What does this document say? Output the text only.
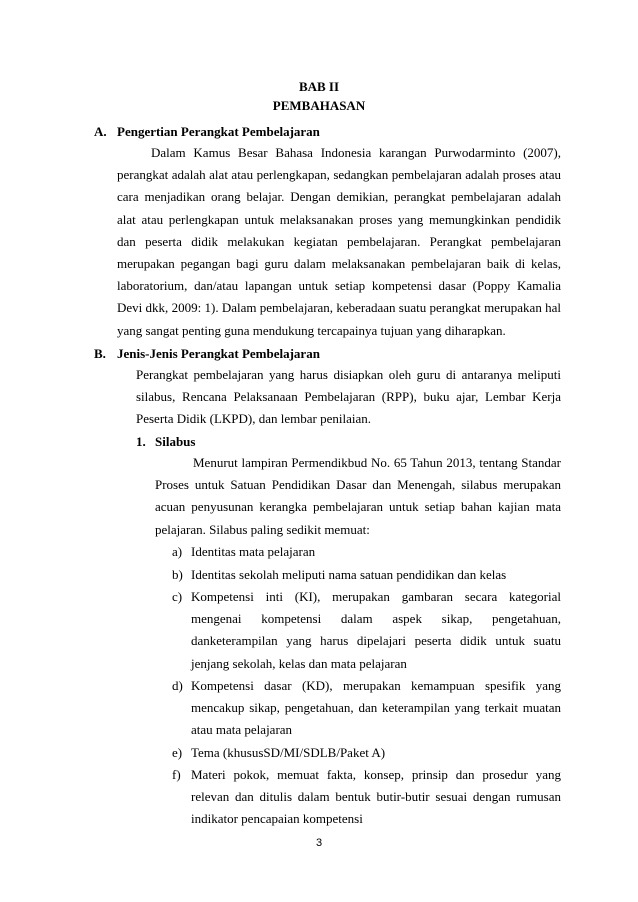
BAB II
PEMBAHASAN
A. Pengertian Perangkat Pembelajaran

Dalam Kamus Besar Bahasa Indonesia karangan Purwodarminto (2007), perangkat adalah alat atau perlengkapan, sedangkan pembelajaran adalah proses atau cara menjadikan orang belajar. Dengan demikian, perangkat pembelajaran adalah alat atau perlengkapan untuk melaksanakan proses yang memungkinkan pendidik dan peserta didik melakukan kegiatan pembelajaran. Perangkat pembelajaran merupakan pegangan bagi guru dalam melaksanakan pembelajaran baik di kelas, laboratorium, dan/atau lapangan untuk setiap kompetensi dasar (Poppy Kamalia Devi dkk, 2009: 1). Dalam pembelajaran, keberadaan suatu perangkat merupakan hal yang sangat penting guna mendukung tercapainya tujuan yang diharapkan.

B. Jenis-Jenis Perangkat Pembelajaran

Perangkat pembelajaran yang harus disiapkan oleh guru di antaranya meliputi silabus, Rencana Pelaksanaan Pembelajaran (RPP), buku ajar, Lembar Kerja Peserta Didik (LKPD), dan lembar penilaian.

1. Silabus

Menurut lampiran Permendikbud No. 65 Tahun 2013, tentang Standar Proses untuk Satuan Pendidikan Dasar dan Menengah, silabus merupakan acuan penyusunan kerangka pembelajaran untuk setiap bahan kajian mata pelajaran. Silabus paling sedikit memuat:

a) Identitas mata pelajaran

b) Identitas sekolah meliputi nama satuan pendidikan dan kelas

c) Kompetensi inti (KI), merupakan gambaran secara kategorial mengenai kompetensi dalam aspek sikap, pengetahuan, danketerampilan yang harus dipelajari peserta didik untuk suatu jenjang sekolah, kelas dan mata pelajaran

d) Kompetensi dasar (KD), merupakan kemampuan spesifik yang mencakup sikap, pengetahuan, dan keterampilan yang terkait muatan atau mata pelajaran

e) Tema (khususSD/MI/SDLB/Paket A)

f) Materi pokok, memuat fakta, konsep, prinsip dan prosedur yang relevan dan ditulis dalam bentuk butir-butir sesuai dengan rumusan indikator pencapaian kompetensi

3
